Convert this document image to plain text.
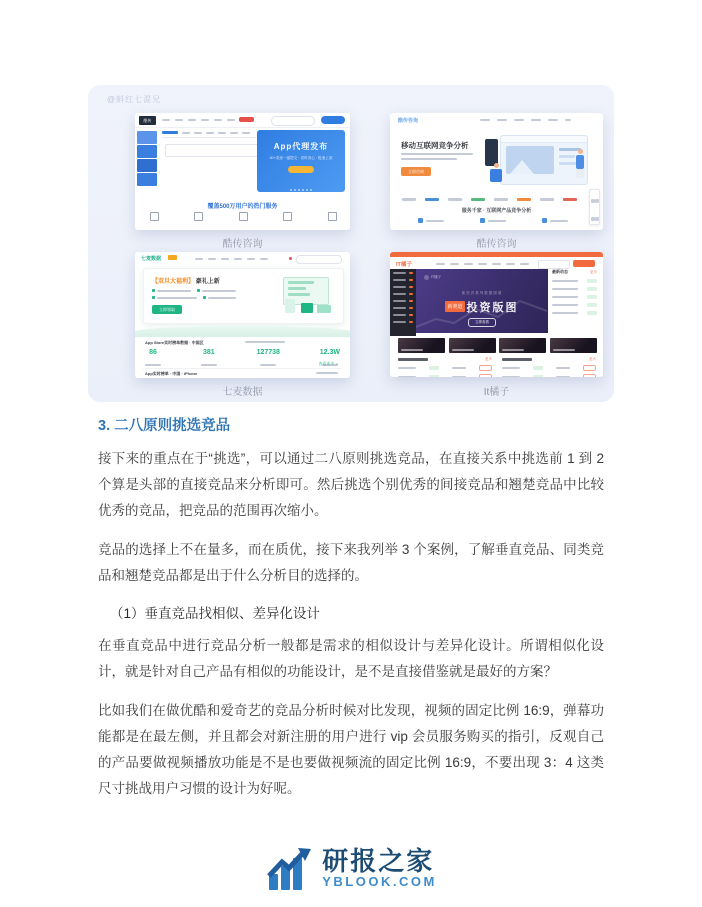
@蚪红七湜兄
酷传
App代理发布
30+渠道一键提交 · 省时省心 · 极速上架
覆盖500万用户的热门服务
酷传咨询
酷传咨询
移动互联网竞争分析
立即咨询
服务千家 · 互联网产品竞争分析
酷传咨询
七麦数据
【双旦大福利】 豪礼上新
立即领取
App Store实时榜单数据 · 中国区
86	381	127738	12.3W
查看更多 >
App实时榜单 · 中国 · iPhone
七麦数据
IT橘子
IT橘子
新经济系列数据图谱
新赛道 投资版图
立即查看
最新动态	更多
更多	更多
It橘子
3. 二八原则挑选竞品

接下来的重点在于“挑选”，可以通过二八原则挑选竞品，在直接关系中挑选前 1 到 2 个算是头部的直接竞品来分析即可。然后挑选个别优秀的间接竞品和翘楚竞品中比较优秀的竞品，把竞品的范围再次缩小。

竞品的选择上不在量多，而在质优，接下来我列举 3 个案例，了解垂直竞品、同类竞品和翘楚竞品都是出于什么分析目的选择的。

（1）垂直竞品找相似、差异化设计

在垂直竞品中进行竞品分析一般都是需求的相似设计与差异化设计。所谓相似化设计，就是针对自己产品有相似的功能设计，是不是直接借鉴就是最好的方案？

比如我们在做优酷和爱奇艺的竞品分析时候对比发现，视频的固定比例 16:9，弹幕功能都是在最左侧，并且都会对新注册的用户进行 vip 会员服务购买的指引，反观自己的产品要做视频播放功能是不是也要做视频流的固定比例 16:9，不要出现 3：4 这类尺寸挑战用户习惯的设计为好呢。

研报之家
YBLOOK.COM
